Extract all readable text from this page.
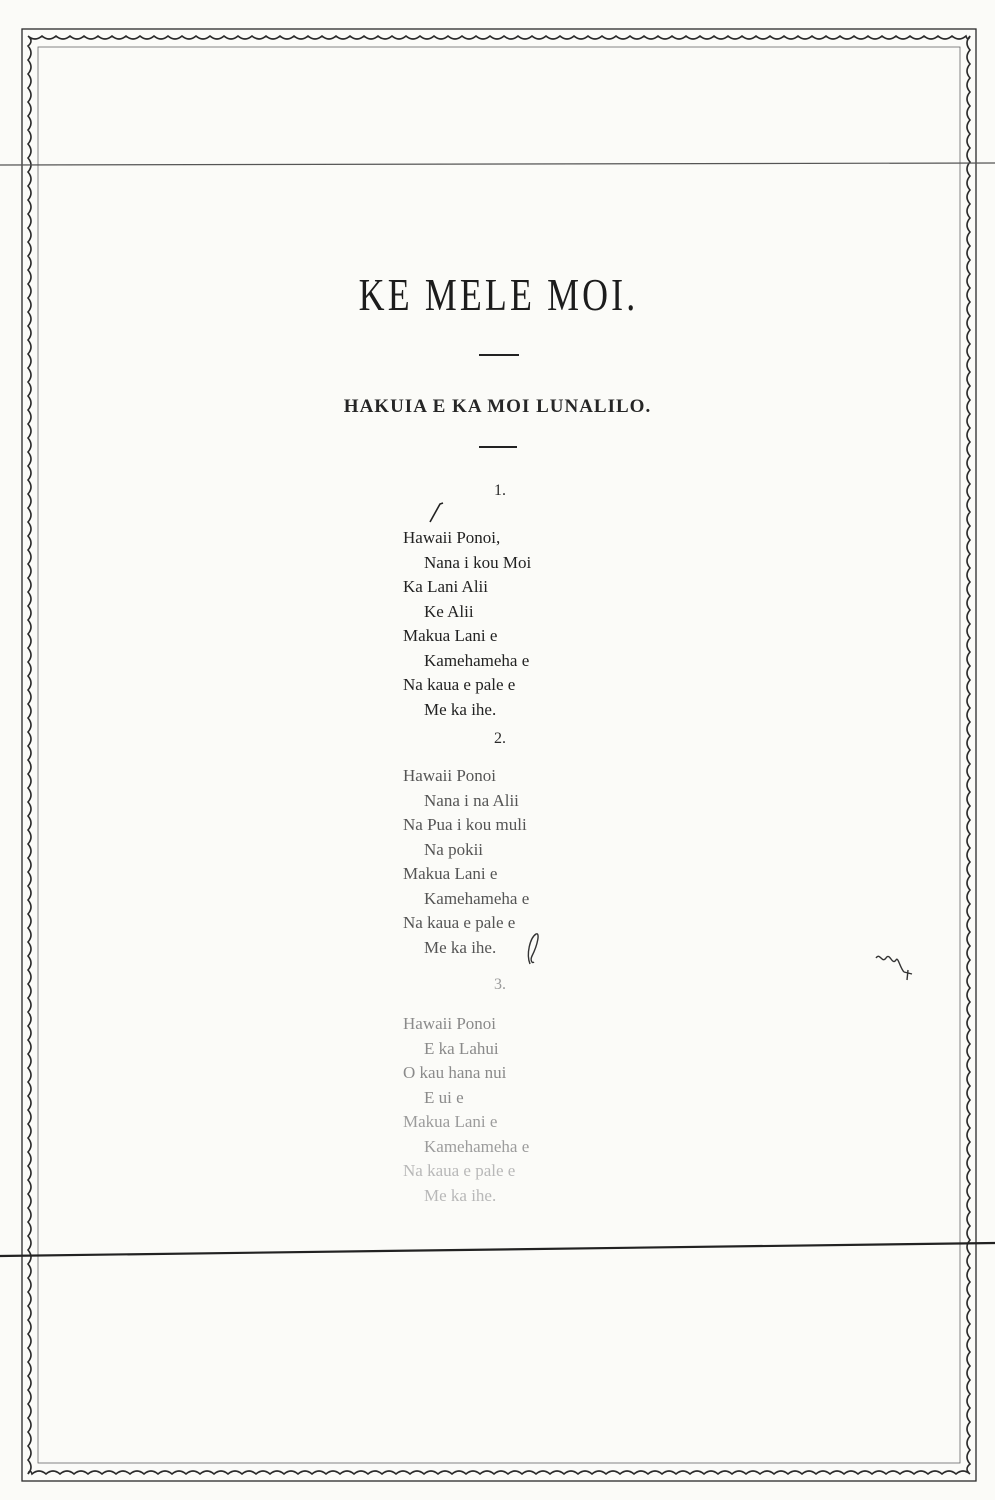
KE MELE MOI.
HAKUIA E KA MOI LUNALILO.
1.
Hawaii Ponoi,
Nana i kou Moi
Ka Lani Alii
Ke Alii
Makua Lani e
Kamehameha e
Na kaua e pale e
Me ka ihe.
2.
Hawaii Ponoi
Nana i na Alii
Na Pua i kou muli
Na pokii
Makua Lani e
Kamehameha e
Na kaua e pale e
Me ka ihe.
3.
Hawaii Ponoi
E ka Lahui
O kau hana nui
E ui e
Makua Lani e
Kamehameha e
Na kaua e pale e
Me ka ihe.
